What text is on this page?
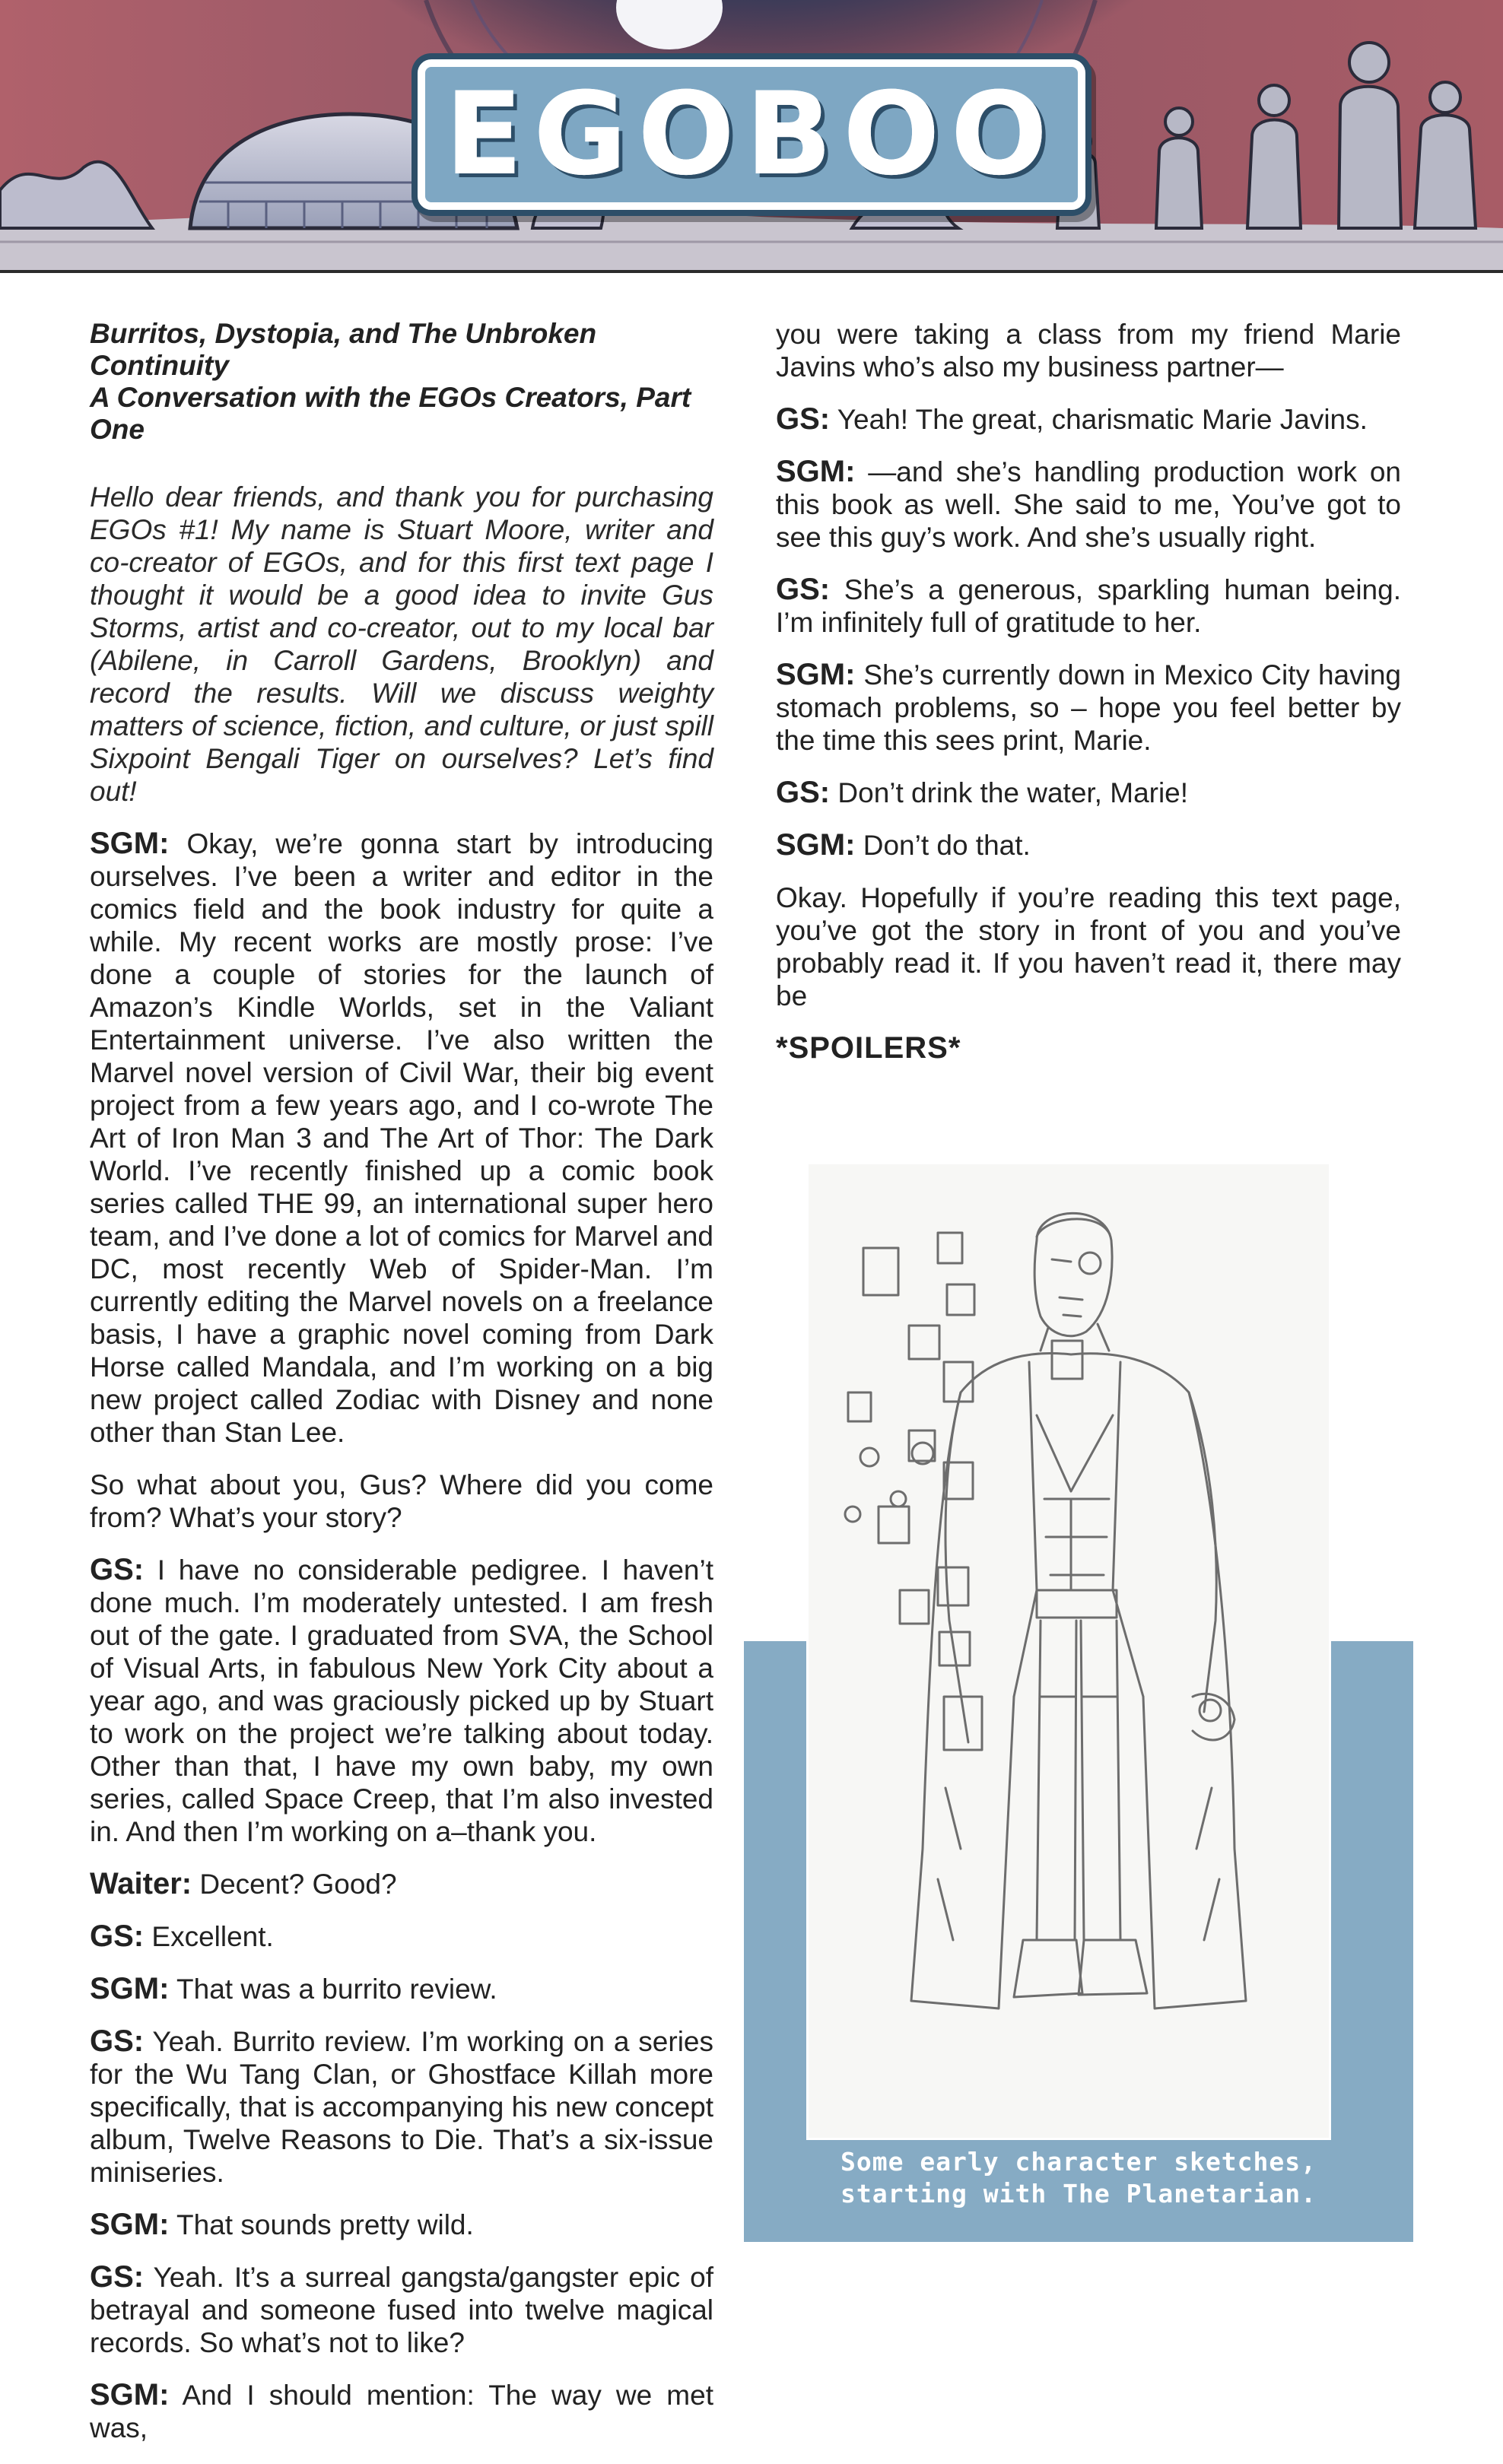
EGOBOO
Burritos, Dystopia, and The Unbroken Continuity
A Conversation with the EGOs Creators, Part One

Hello dear friends, and thank you for purchasing EGOs #1! My name is Stuart Moore, writer and co-creator of EGOs, and for this first text page I thought it would be a good idea to invite Gus Storms, artist and co-creator, out to my local bar (Abilene, in Carroll Gardens, Brooklyn) and record the results. Will we discuss weighty matters of science, fiction, and culture, or just spill Sixpoint Bengali Tiger on ourselves? Let’s find out!

SGM: Okay, we’re gonna start by introducing ourselves. I’ve been a writer and editor in the comics field and the book industry for quite a while. My recent works are mostly prose: I’ve done a couple of stories for the launch of Amazon’s Kindle Worlds, set in the Valiant Entertainment universe. I’ve also written the Marvel novel version of Civil War, their big event project from a few years ago, and I co-wrote The Art of Iron Man 3 and The Art of Thor: The Dark World. I’ve recently finished up a comic book series called THE 99, an international super hero team, and I’ve done a lot of comics for Marvel and DC, most recently Web of Spider-Man. I’m currently editing the Marvel novels on a freelance basis, I have a graphic novel coming from Dark Horse called Mandala, and I’m working on a big new project called Zodiac with Disney and none other than Stan Lee.

So what about you, Gus? Where did you come from? What’s your story?

GS: I have no considerable pedigree. I haven’t done much. I’m moderately untested. I am fresh out of the gate. I graduated from SVA, the School of Visual Arts, in fabulous New York City about a year ago, and was graciously picked up by Stuart to work on the project we’re talking about today. Other than that, I have my own baby, my own series, called Space Creep, that I’m also invested in. And then I’m working on a–thank you.

Waiter: Decent? Good?

GS: Excellent.

SGM: That was a burrito review.

GS: Yeah. Burrito review. I’m working on a series for the Wu Tang Clan, or Ghostface Killah more specifically, that is accompanying his new concept album, Twelve Reasons to Die. That’s a six-issue miniseries.

SGM: That sounds pretty wild.

GS: Yeah. It’s a surreal gangsta/gangster epic of betrayal and someone fused into twelve magical records. So what’s not to like?

SGM: And I should mention: The way we met was,

you were taking a class from my friend Marie Javins who’s also my business partner—

GS: Yeah! The great, charismatic Marie Javins.

SGM: —and she’s handling production work on this book as well. She said to me, You’ve got to see this guy’s work. And she’s usually right.

GS: She’s a generous, sparkling human being. I’m infinitely full of gratitude to her.

SGM: She’s currently down in Mexico City having stomach problems, so – hope you feel better by the time this sees print, Marie.

GS: Don’t drink the water, Marie!

SGM: Don’t do that.

Okay. Hopefully if you’re reading this text page, you’ve got the story in front of you and you’ve probably read it. If you haven’t read it, there may be

*SPOILERS*

Some early character sketches,
starting with The Planetarian.
